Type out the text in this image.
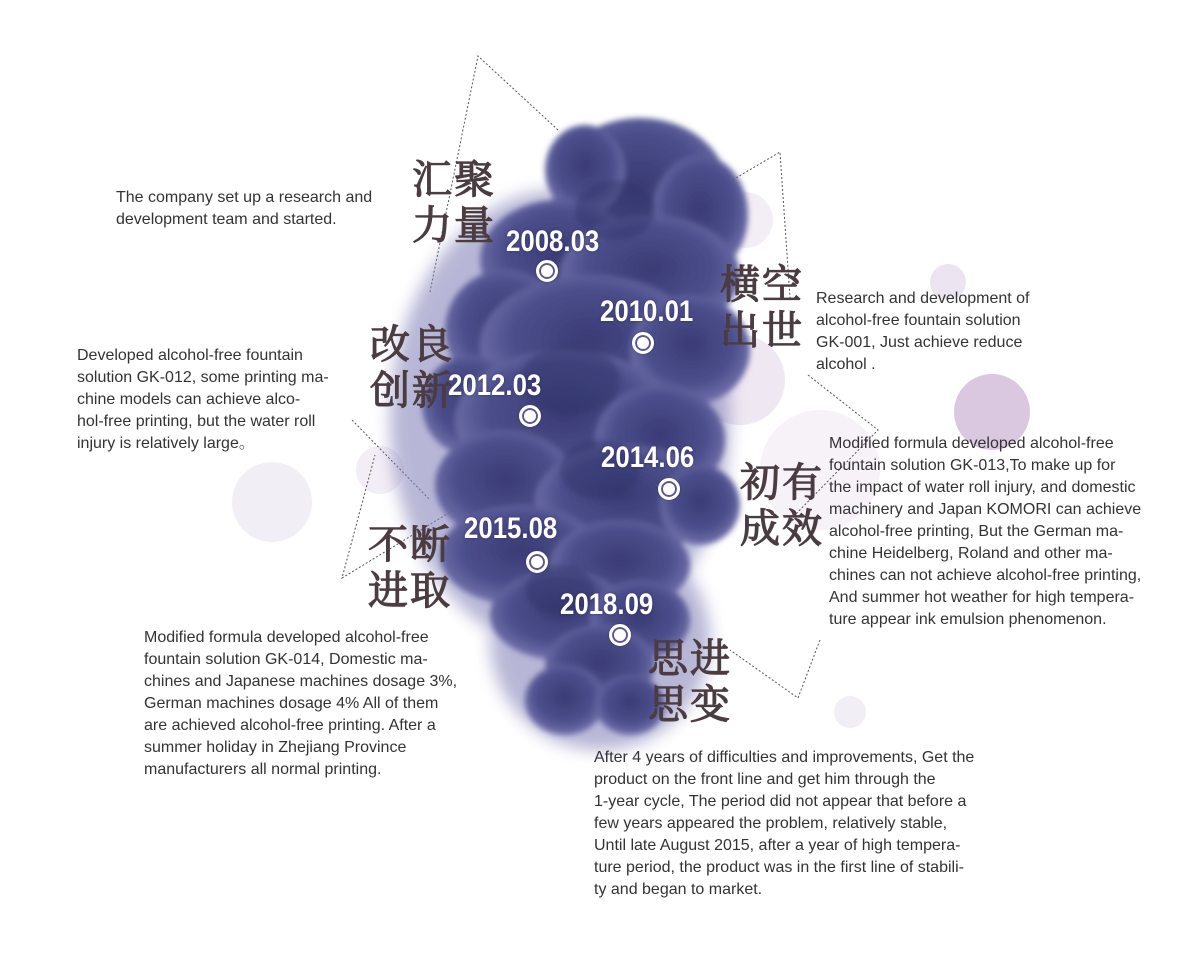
The company set up a research and
development team and started.

汇聚
力量 2008.03

Research and development of
alcohol-free fountain solution
GK-001, Just achieve reduce
alcohol .

横空
出世

2010.01

Developed alcohol-free fountain
solution GK-012, some printing ma-
chine models can achieve alco-
hol-free printing, but the water roll
injury is relatively large。

改良
创新

2012.03

Modified formula developed alcohol-free
fountain solution GK-013,To make up for
the impact of water roll injury, and domestic
machinery and Japan KOMORI can achieve
alcohol-free printing, But the German ma-
chine Heidelberg, Roland and other ma-
chines can not achieve alcohol-free printing,
And summer hot weather for high tempera-
ture appear ink emulsion phenomenon.

初有
成效

2014.06

Modified formula developed alcohol-free
fountain solution GK-014, Domestic ma-
chines and Japanese machines dosage 3%,
German machines dosage 4% All of them
are achieved alcohol-free printing. After a
summer holiday in Zhejiang Province
manufacturers all normal printing.

不断
进取

2015.08

After 4 years of difficulties and improvements, Get the
product on the front line and get him through the
1-year cycle, The period did not appear that before a
few years appeared the problem, relatively stable,
Until late August 2015, after a year of high tempera-
ture period, the product was in the first line of stabili-
ty and began to market.

思进
思变

2018.09
